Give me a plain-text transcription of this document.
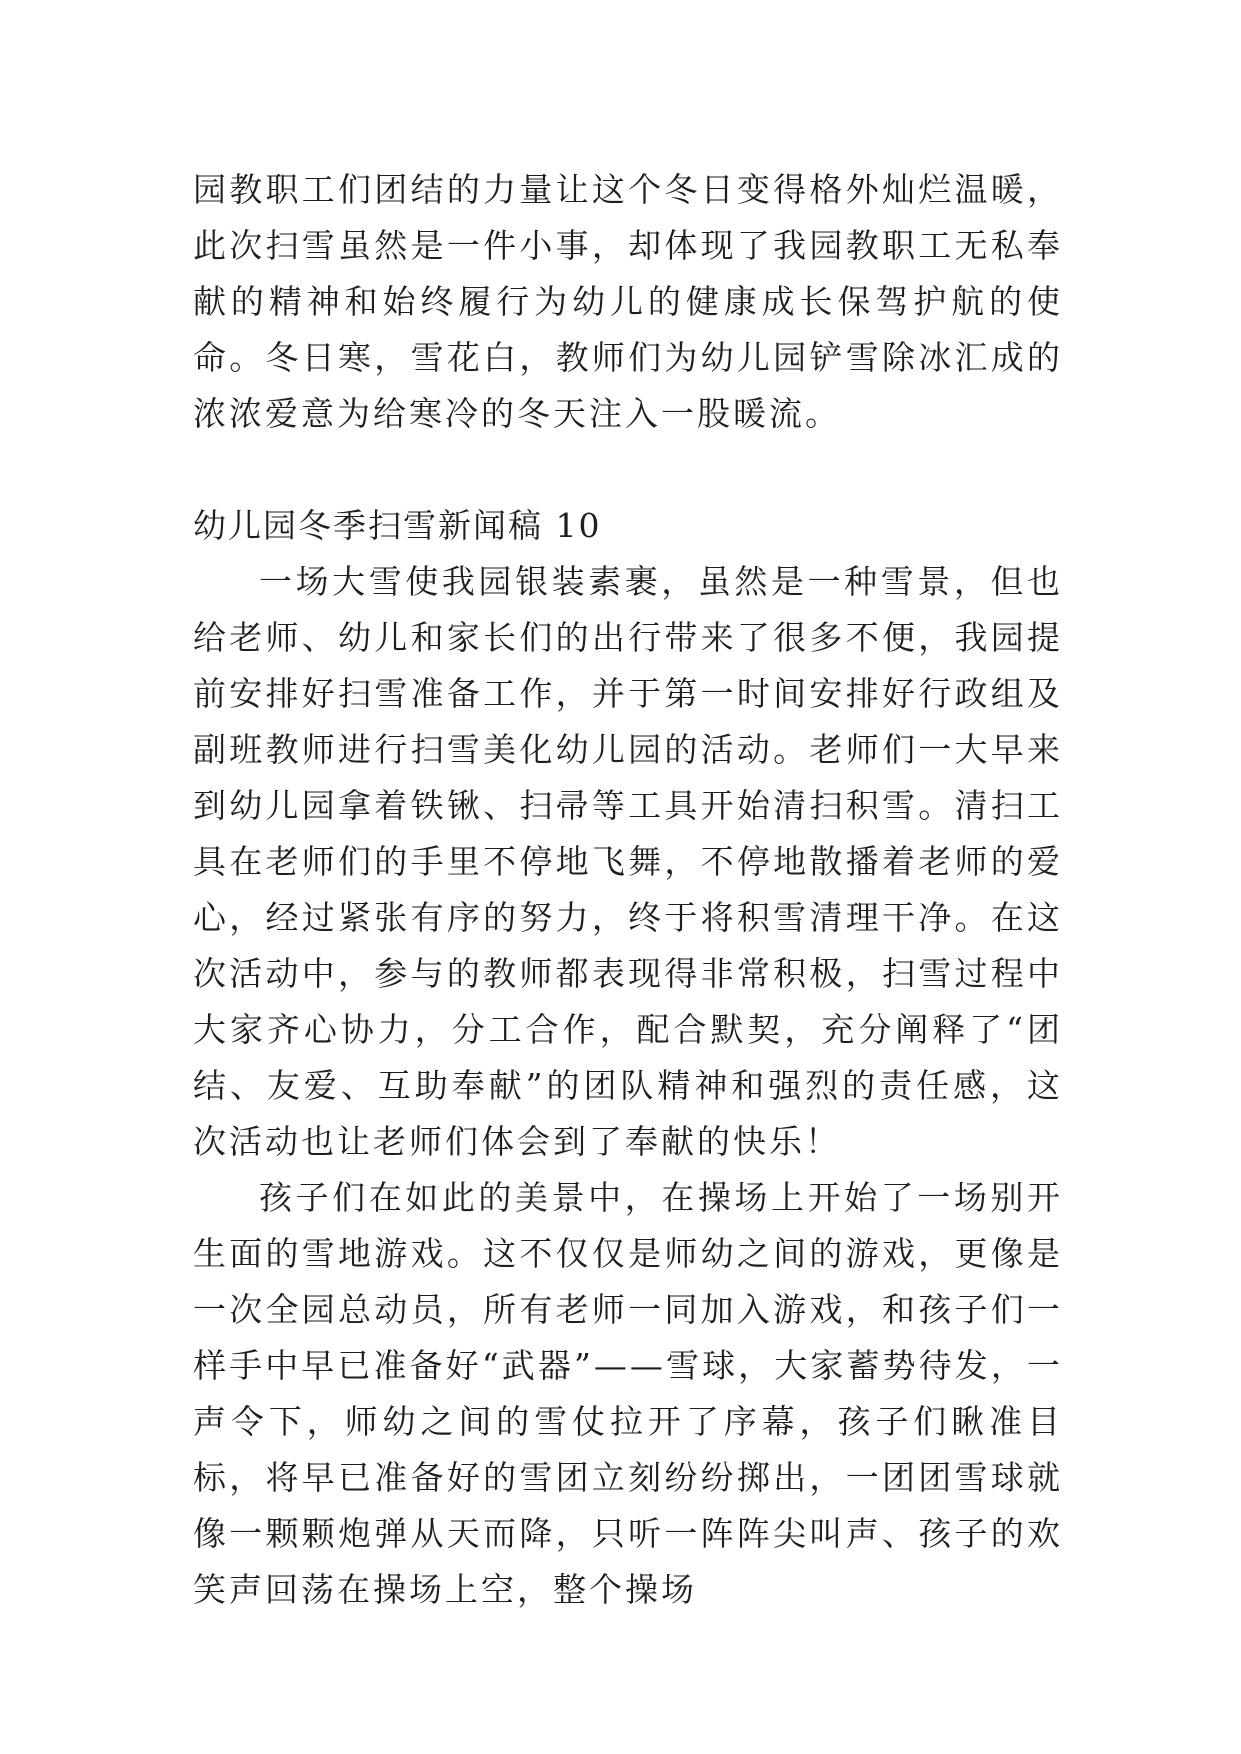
园教职工们团结的力量让这个冬日变得格外灿烂温暖，此次扫雪虽然是一件小事，却体现了我园教职工无私奉献的精神和始终履行为幼儿的健康成长保驾护航的使命。冬日寒，雪花白，教师们为幼儿园铲雪除冰汇成的浓浓爱意为给寒冷的冬天注入一股暖流。

幼儿园冬季扫雪新闻稿 10

一场大雪使我园银装素裹，虽然是一种雪景，但也给老师、幼儿和家长们的出行带来了很多不便，我园提前安排好扫雪准备工作，并于第一时间安排好行政组及副班教师进行扫雪美化幼儿园的活动。老师们一大早来到幼儿园拿着铁锹、扫帚等工具开始清扫积雪。清扫工具在老师们的手里不停地飞舞，不停地散播着老师的爱心，经过紧张有序的努力，终于将积雪清理干净。在这次活动中，参与的教师都表现得非常积极，扫雪过程中大家齐心协力，分工合作，配合默契，充分阐释了“团结、友爱、互助奉献”的团队精神和强烈的责任感，这次活动也让老师们体会到了奉献的快乐！

孩子们在如此的美景中，在操场上开始了一场别开生面的雪地游戏。这不仅仅是师幼之间的游戏，更像是一次全园总动员，所有老师一同加入游戏，和孩子们一样手中早已准备好“武器”——雪球，大家蓄势待发，一声令下，师幼之间的雪仗拉开了序幕，孩子们瞅准目标，将早已准备好的雪团立刻纷纷掷出，一团团雪球就像一颗颗炮弹从天而降，只听一阵阵尖叫声、孩子的欢笑声回荡在操场上空，整个操场
